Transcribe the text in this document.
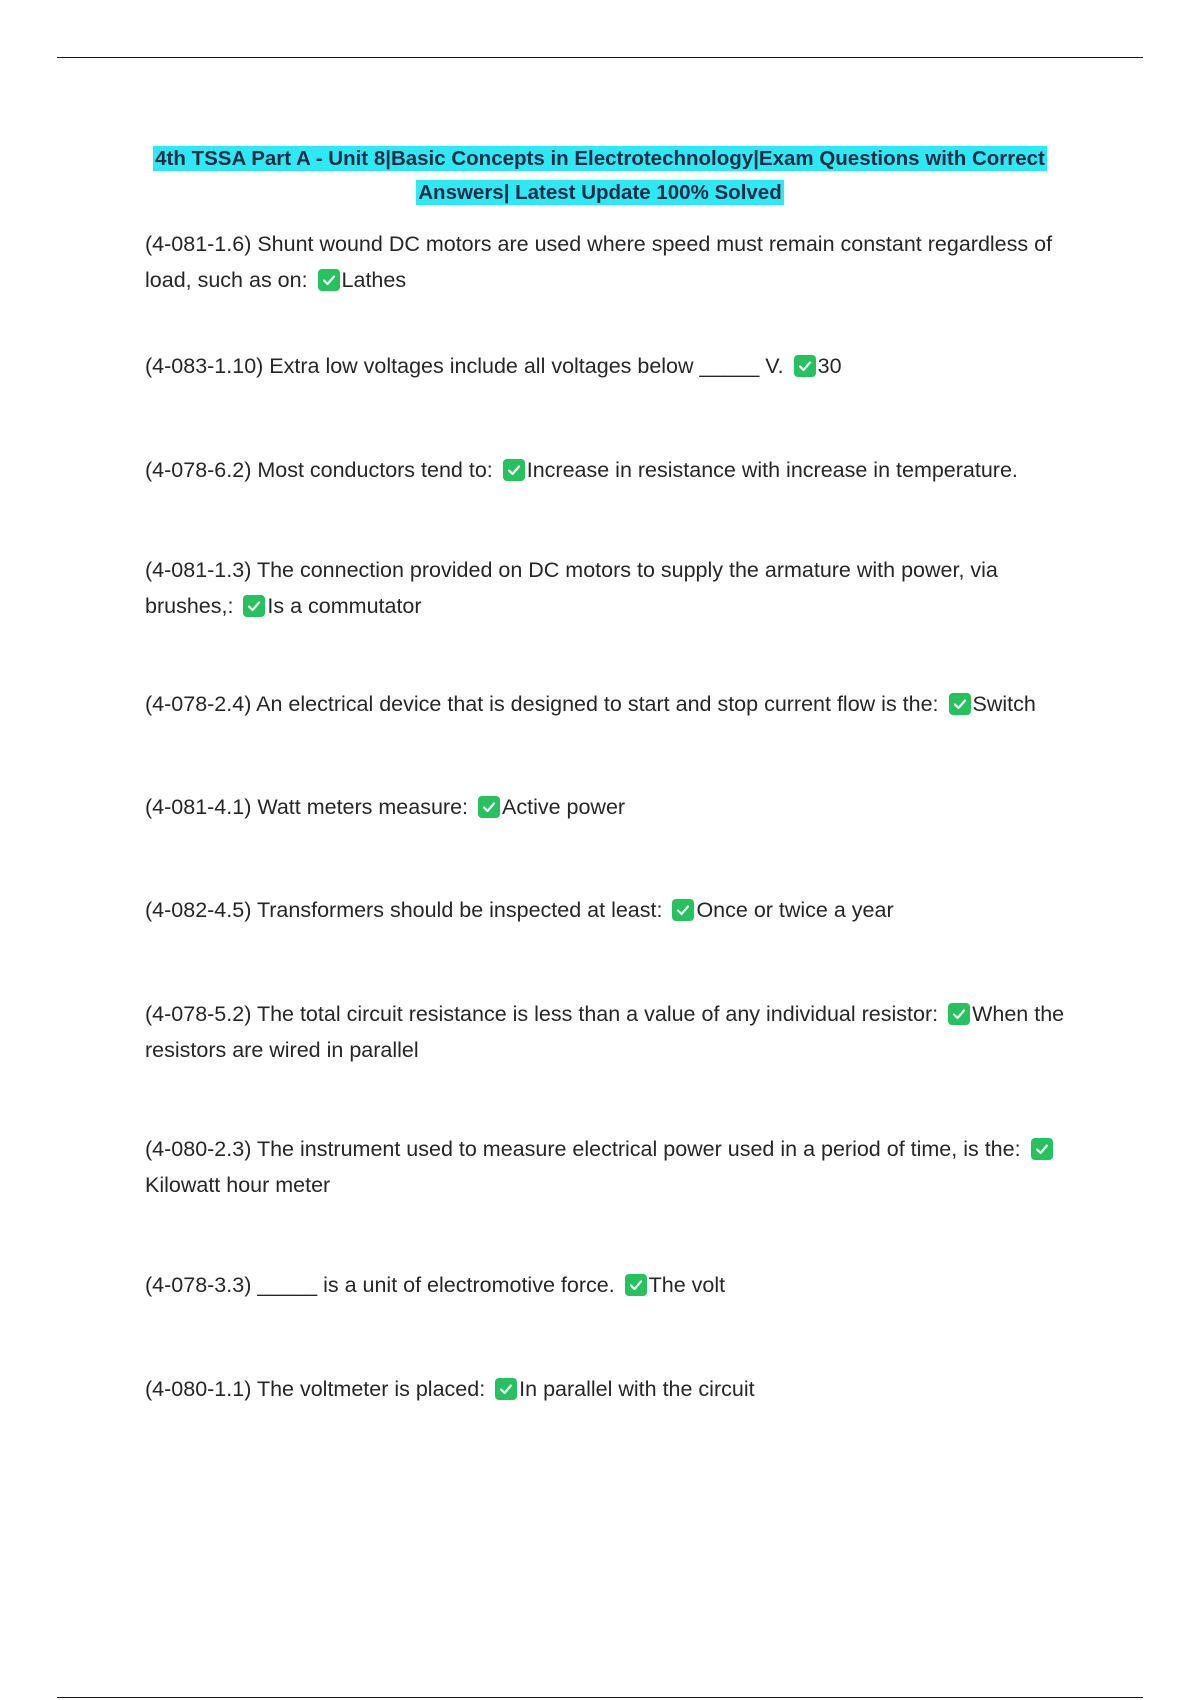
4th TSSA Part A - Unit 8|Basic Concepts in Electrotechnology|Exam Questions with Correct
Answers| Latest Update 100% Solved

(4-081-1.6) Shunt wound DC motors are used where speed must remain constant regardless of load, such as on: Lathes

(4-083-1.10) Extra low voltages include all voltages below _____ V. 30

(4-078-6.2) Most conductors tend to: Increase in resistance with increase in temperature.

(4-081-1.3) The connection provided on DC motors to supply the armature with power, via brushes,: Is a commutator

(4-078-2.4) An electrical device that is designed to start and stop current flow is the: Switch

(4-081-4.1) Watt meters measure: Active power

(4-082-4.5) Transformers should be inspected at least: Once or twice a year

(4-078-5.2) The total circuit resistance is less than a value of any individual resistor: When the resistors are wired in parallel

(4-080-2.3) The instrument used to measure electrical power used in a period of time, is the:
Kilowatt hour meter

(4-078-3.3) _____ is a unit of electromotive force. The volt

(4-080-1.1) The voltmeter is placed: In parallel with the circuit
